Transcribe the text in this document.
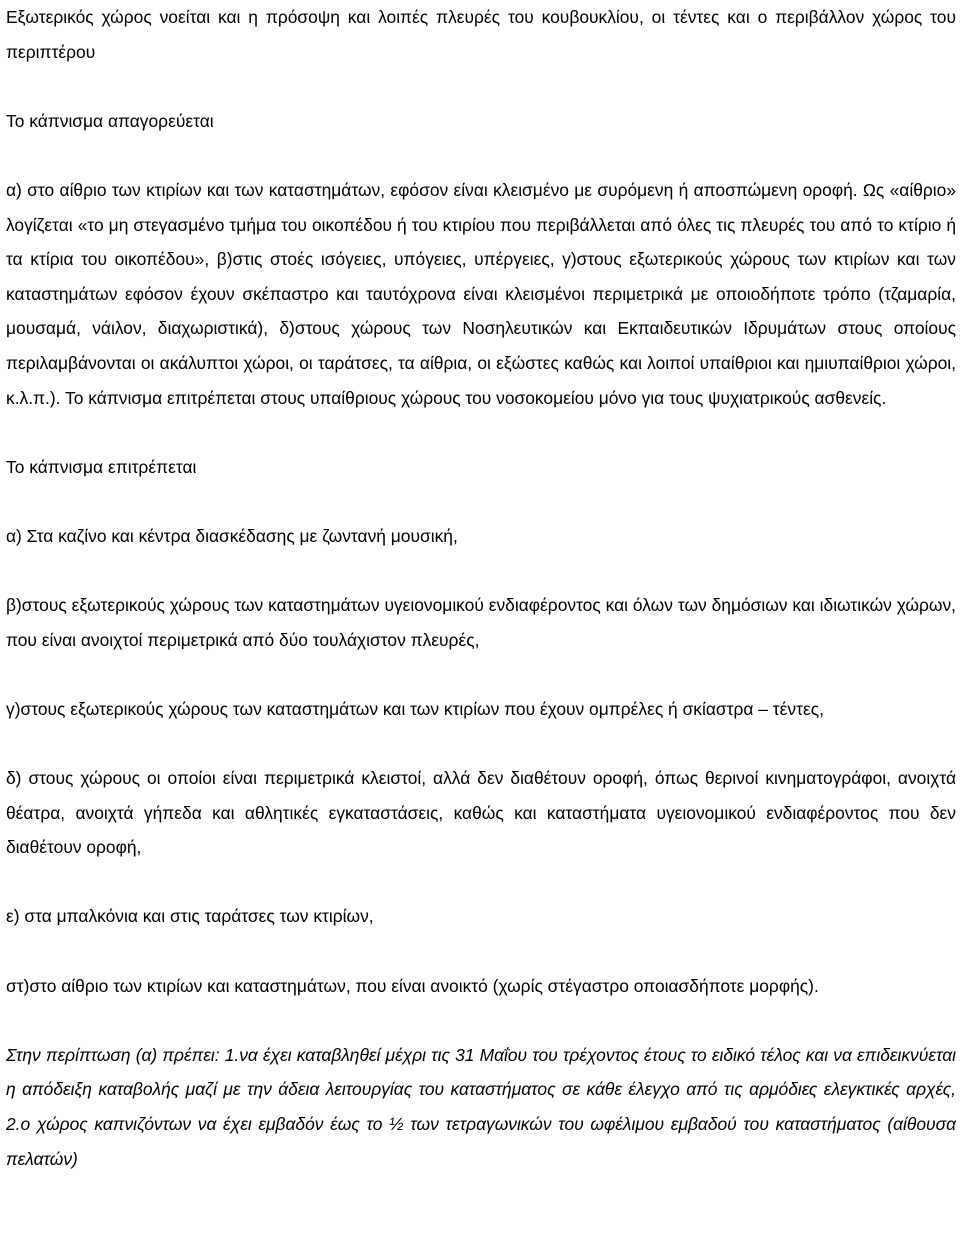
Εξωτερικός χώρος νοείται και η πρόσοψη και λοιπές πλευρές του κουβουκλίου, οι τέντες και ο περιβάλλον χώρος του περιπτέρου

Το κάπνισμα απαγορεύεται

α) στο αίθριο των κτιρίων και των καταστημάτων, εφόσον είναι κλεισμένο με συρόμενη ή αποσπώμενη οροφή. Ως «αίθριο» λογίζεται «το μη στεγασμένο τμήμα του οικοπέδου ή του κτιρίου που περιβάλλεται από όλες τις πλευρές του από το κτίριο ή τα κτίρια του οικοπέδου», β)στις στοές ισόγειες, υπόγειες, υπέργειες, γ)στους εξωτερικούς χώρους των κτιρίων και των καταστημάτων εφόσον έχουν σκέπαστρο και ταυτόχρονα είναι κλεισμένοι περιμετρικά με οποιοδήποτε τρόπο (τζαμαρία, μουσαμά, νάιλον, διαχωριστικά), δ)στους χώρους των Νοσηλευτικών και Εκπαιδευτικών Ιδρυμάτων στους οποίους περιλαμβάνονται οι ακάλυπτοι χώροι, οι ταράτσες, τα αίθρια, οι εξώστες καθώς και λοιποί υπαίθριοι και ημιυπαίθριοι χώροι, κ.λ.π.). Το κάπνισμα επιτρέπεται στους υπαίθριους χώρους του νοσοκομείου μόνο για τους ψυχιατρικούς ασθενείς.

Το κάπνισμα επιτρέπεται

α) Στα καζίνο και κέντρα διασκέδασης με ζωντανή μουσική,

β)στους εξωτερικούς χώρους των καταστημάτων υγειονομικού ενδιαφέροντος και όλων των δημόσιων και ιδιωτικών χώρων, που είναι ανοιχτοί περιμετρικά από δύο τουλάχιστον πλευρές,

γ)στους εξωτερικούς χώρους των καταστημάτων και των κτιρίων που έχουν ομπρέλες ή σκίαστρα – τέντες,

δ) στους χώρους οι οποίοι είναι περιμετρικά κλειστοί, αλλά δεν διαθέτουν οροφή, όπως θερινοί κινηματογράφοι, ανοιχτά θέατρα, ανοιχτά γήπεδα και αθλητικές εγκαταστάσεις, καθώς και καταστήματα υγειονομικού ενδιαφέροντος που δεν διαθέτουν οροφή,

ε) στα μπαλκόνια και στις ταράτσες των κτιρίων,

στ)στο αίθριο των κτιρίων και καταστημάτων, που είναι ανοικτό (χωρίς στέγαστρο οποιασδήποτε μορφής).

Στην περίπτωση (α) πρέπει: 1.να έχει καταβληθεί μέχρι τις 31 Μαΐου του τρέχοντος έτους το ειδικό τέλος και να επιδεικνύεται η απόδειξη καταβολής μαζί με την άδεια λειτουργίας του καταστήματος σε κάθε έλεγχο από τις αρμόδιες ελεγκτικές αρχές, 2.ο χώρος καπνιζόντων να έχει εμβαδόν έως το ½ των τετραγωνικών του ωφέλιμου εμβαδού του καταστήματος (αίθουσα πελατών)
